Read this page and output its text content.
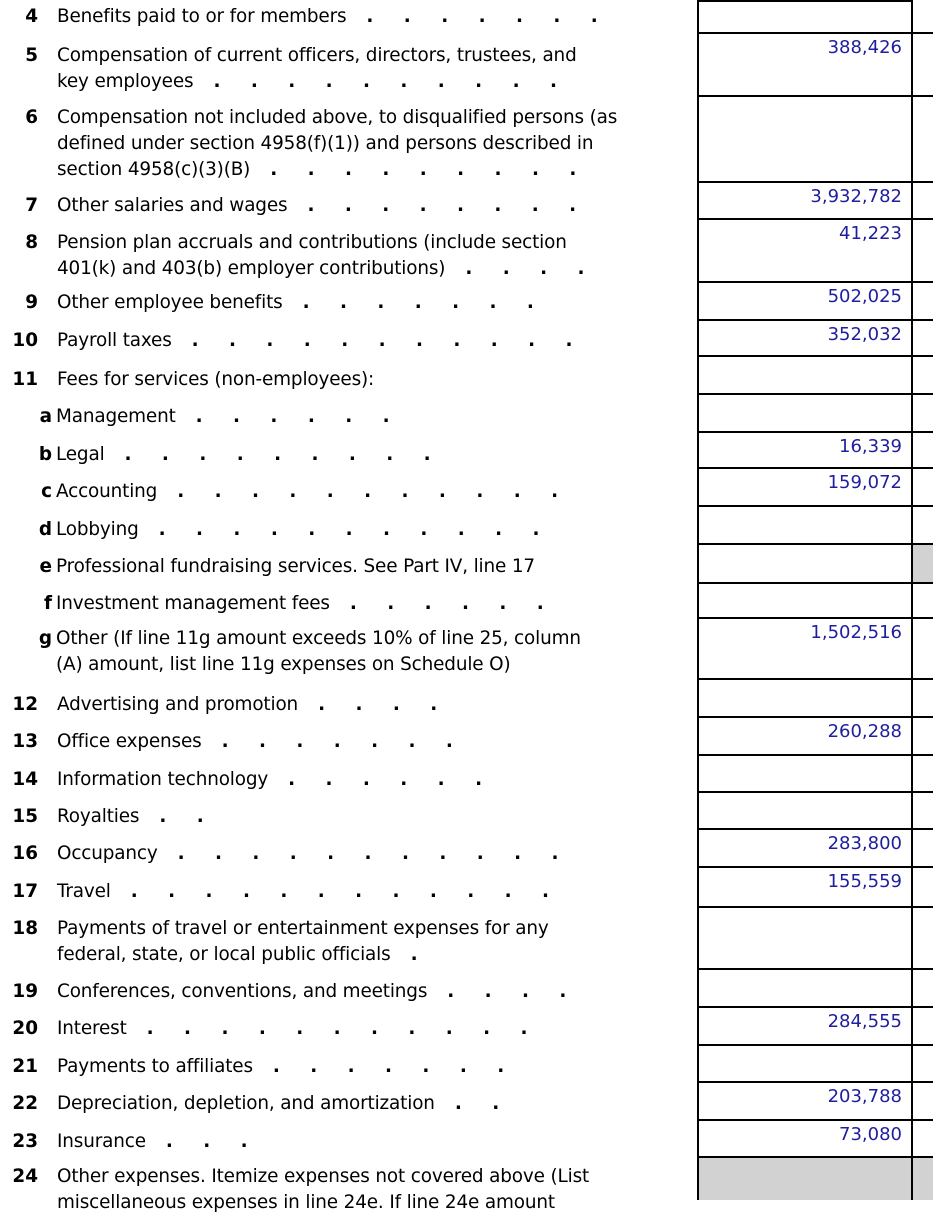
4 Benefits paid to or for members . . . . . . .
5 Compensation of current officers, directors, trustees, and
key employees . . . . . . . . . .
388,426
6 Compensation not included above, to disqualified persons (as
defined under section 4958(f)(1)) and persons described in
section 4958(c)(3)(B) . . . . . . . . .
7 Other salaries and wages . . . . . . . .	3,932,782
8 Pension plan accruals and contributions (include section
401(k) and 403(b) employer contributions) . . . .
41,223
9 Other employee benefits . . . . . . .	502,025
10 Payroll taxes . . . . . . . . . . .	352,032
11 Fees for services (non-employees):
a Management . . . . . .
b Legal . . . . . . . . .	16,339
c Accounting . . . . . . . . . . .	159,072
d Lobbying . . . . . . . . . . .
e Professional fundraising services. See Part IV, line 17
f Investment management fees . . . . . .
g Other (If line 11g amount exceeds 10% of line 25, column
(A) amount, list line 11g expenses on Schedule O)
1,502,516
12 Advertising and promotion . . . .
13 Office expenses . . . . . . .	260,288
14 Information technology . . . . . .
15 Royalties . .
16 Occupancy . . . . . . . . . . .	283,800
17 Travel . . . . . . . . . . . .	155,559
18 Payments of travel or entertainment expenses for any
federal, state, or local public officials .
19 Conferences, conventions, and meetings . . . .
20 Interest . . . . . . . . . . .	284,555
21 Payments to affiliates . . . . . . .
22 Depreciation, depletion, and amortization . .	203,788
23 Insurance . . .	73,080
24 Other expenses. Itemize expenses not covered above (List
miscellaneous expenses in line 24e. If line 24e amount
